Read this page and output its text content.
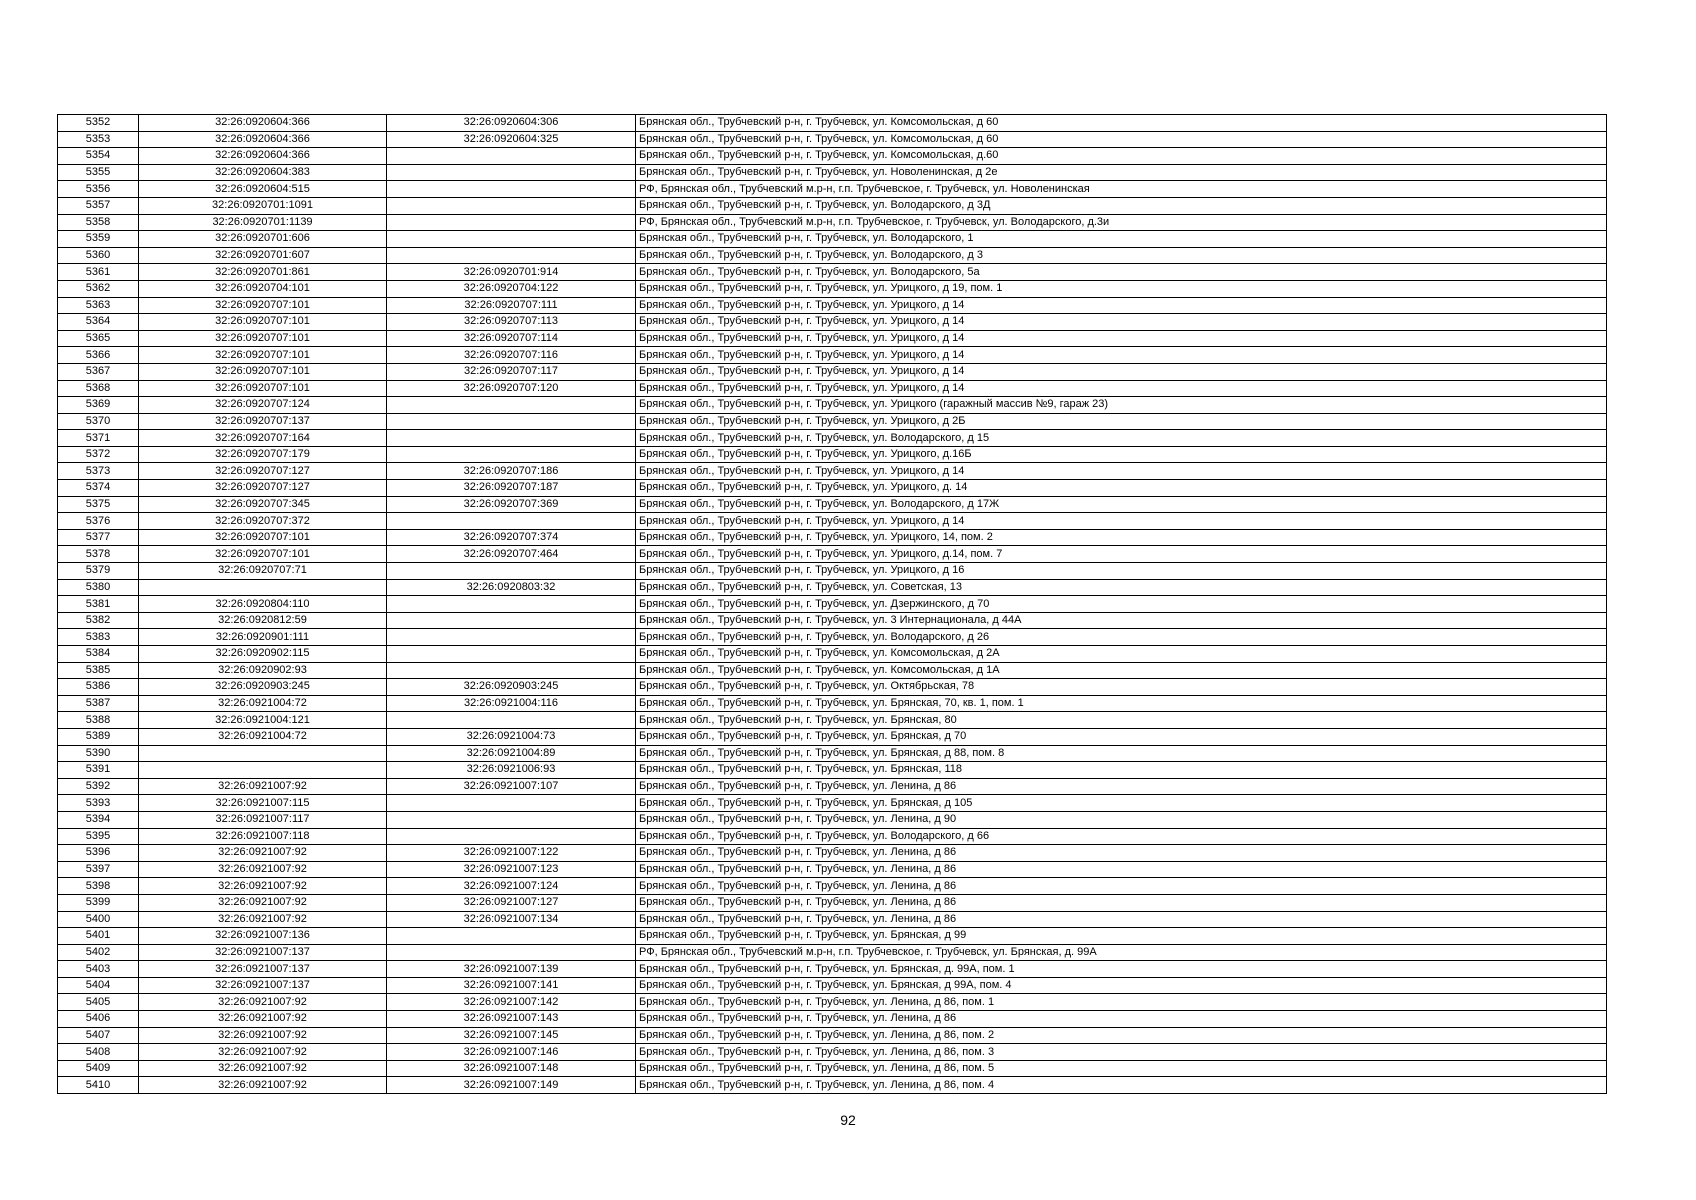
5352	32:26:0920604:366	32:26:0920604:306	Брянская обл., Трубчевский р-н, г. Трубчевск, ул. Комсомольская, д 60
5353	32:26:0920604:366	32:26:0920604:325	Брянская обл., Трубчевский р-н, г. Трубчевск, ул. Комсомольская, д 60
5354	32:26:0920604:366		Брянская обл., Трубчевский р-н, г. Трубчевск, ул. Комсомольская, д.60
5355	32:26:0920604:383		Брянская обл., Трубчевский р-н, г. Трубчевск, ул. Новоленинская, д 2е
5356	32:26:0920604:515		РФ, Брянская обл., Трубчевский м.р-н, г.п. Трубчевское, г. Трубчевск, ул. Новоленинская
5357	32:26:0920701:1091		Брянская обл., Трубчевский р-н, г. Трубчевск, ул. Володарского, д 3Д
5358	32:26:0920701:1139		РФ, Брянская обл., Трубчевский м.р-н, г.п. Трубчевское, г. Трубчевск, ул. Володарского, д.3и
5359	32:26:0920701:606		Брянская обл., Трубчевский р-н, г. Трубчевск, ул. Володарского, 1
5360	32:26:0920701:607		Брянская обл., Трубчевский р-н, г. Трубчевск, ул. Володарского, д 3
5361	32:26:0920701:861	32:26:0920701:914	Брянская обл., Трубчевский р-н, г. Трубчевск, ул. Володарского, 5а
5362	32:26:0920704:101	32:26:0920704:122	Брянская обл., Трубчевский р-н, г. Трубчевск, ул. Урицкого, д 19, пом. 1
5363	32:26:0920707:101	32:26:0920707:111	Брянская обл., Трубчевский р-н, г. Трубчевск, ул. Урицкого, д 14
5364	32:26:0920707:101	32:26:0920707:113	Брянская обл., Трубчевский р-н, г. Трубчевск, ул. Урицкого, д 14
5365	32:26:0920707:101	32:26:0920707:114	Брянская обл., Трубчевский р-н, г. Трубчевск, ул. Урицкого, д 14
5366	32:26:0920707:101	32:26:0920707:116	Брянская обл., Трубчевский р-н, г. Трубчевск, ул. Урицкого, д 14
5367	32:26:0920707:101	32:26:0920707:117	Брянская обл., Трубчевский р-н, г. Трубчевск, ул. Урицкого, д 14
5368	32:26:0920707:101	32:26:0920707:120	Брянская обл., Трубчевский р-н, г. Трубчевск, ул. Урицкого, д 14
5369	32:26:0920707:124		Брянская обл., Трубчевский р-н, г. Трубчевск, ул. Урицкого (гаражный массив №9, гараж 23)
5370	32:26:0920707:137		Брянская обл., Трубчевский р-н, г. Трубчевск, ул. Урицкого, д 2Б
5371	32:26:0920707:164		Брянская обл., Трубчевский р-н, г. Трубчевск, ул. Володарского, д 15
5372	32:26:0920707:179		Брянская обл., Трубчевский р-н, г. Трубчевск, ул. Урицкого, д.16Б
5373	32:26:0920707:127	32:26:0920707:186	Брянская обл., Трубчевский р-н, г. Трубчевск, ул. Урицкого, д 14
5374	32:26:0920707:127	32:26:0920707:187	Брянская обл., Трубчевский р-н, г. Трубчевск, ул. Урицкого, д. 14
5375	32:26:0920707:345	32:26:0920707:369	Брянская обл., Трубчевский р-н, г. Трубчевск, ул. Володарского, д 17Ж
5376	32:26:0920707:372		Брянская обл., Трубчевский р-н, г. Трубчевск, ул. Урицкого, д 14
5377	32:26:0920707:101	32:26:0920707:374	Брянская обл., Трубчевский р-н, г. Трубчевск, ул. Урицкого, 14, пом. 2
5378	32:26:0920707:101	32:26:0920707:464	Брянская обл., Трубчевский р-н, г. Трубчевск, ул. Урицкого, д.14, пом. 7
5379	32:26:0920707:71		Брянская обл., Трубчевский р-н, г. Трубчевск, ул. Урицкого, д 16
5380		32:26:0920803:32	Брянская обл., Трубчевский р-н, г. Трубчевск, ул. Советская, 13
5381	32:26:0920804:110		Брянская обл., Трубчевский р-н, г. Трубчевск, ул. Дзержинского, д 70
5382	32:26:0920812:59		Брянская обл., Трубчевский р-н, г. Трубчевск, ул. 3 Интернационала, д 44А
5383	32:26:0920901:111		Брянская обл., Трубчевский р-н, г. Трубчевск, ул. Володарского, д 26
5384	32:26:0920902:115		Брянская обл., Трубчевский р-н, г. Трубчевск, ул. Комсомольская, д 2А
5385	32:26:0920902:93		Брянская обл., Трубчевский р-н, г. Трубчевск, ул. Комсомольская, д 1А
5386	32:26:0920903:245	32:26:0920903:245	Брянская обл., Трубчевский р-н, г. Трубчевск, ул. Октябрьская, 78
5387	32:26:0921004:72	32:26:0921004:116	Брянская обл., Трубчевский р-н, г. Трубчевск, ул. Брянская, 70, кв. 1, пом. 1
5388	32:26:0921004:121		Брянская обл., Трубчевский р-н, г. Трубчевск, ул. Брянская, 80
5389	32:26:0921004:72	32:26:0921004:73	Брянская обл., Трубчевский р-н, г. Трубчевск, ул. Брянская, д 70
5390		32:26:0921004:89	Брянская обл., Трубчевский р-н, г. Трубчевск, ул. Брянская, д 88, пом. 8
5391		32:26:0921006:93	Брянская обл., Трубчевский р-н, г. Трубчевск, ул. Брянская, 118
5392	32:26:0921007:92	32:26:0921007:107	Брянская обл., Трубчевский р-н, г. Трубчевск, ул. Ленина, д 86
5393	32:26:0921007:115		Брянская обл., Трубчевский р-н, г. Трубчевск, ул. Брянская, д 105
5394	32:26:0921007:117		Брянская обл., Трубчевский р-н, г. Трубчевск, ул. Ленина, д 90
5395	32:26:0921007:118		Брянская обл., Трубчевский р-н, г. Трубчевск, ул. Володарского, д 66
5396	32:26:0921007:92	32:26:0921007:122	Брянская обл., Трубчевский р-н, г. Трубчевск, ул. Ленина, д 86
5397	32:26:0921007:92	32:26:0921007:123	Брянская обл., Трубчевский р-н, г. Трубчевск, ул. Ленина, д 86
5398	32:26:0921007:92	32:26:0921007:124	Брянская обл., Трубчевский р-н, г. Трубчевск, ул. Ленина, д 86
5399	32:26:0921007:92	32:26:0921007:127	Брянская обл., Трубчевский р-н, г. Трубчевск, ул. Ленина, д 86
5400	32:26:0921007:92	32:26:0921007:134	Брянская обл., Трубчевский р-н, г. Трубчевск, ул. Ленина, д 86
5401	32:26:0921007:136		Брянская обл., Трубчевский р-н, г. Трубчевск, ул. Брянская, д 99
5402	32:26:0921007:137		РФ, Брянская обл., Трубчевский м.р-н, г.п. Трубчевское, г. Трубчевск, ул. Брянская, д. 99А
5403	32:26:0921007:137	32:26:0921007:139	Брянская обл., Трубчевский р-н, г. Трубчевск, ул. Брянская, д. 99А, пом. 1
5404	32:26:0921007:137	32:26:0921007:141	Брянская обл., Трубчевский р-н, г. Трубчевск, ул. Брянская, д 99А, пом. 4
5405	32:26:0921007:92	32:26:0921007:142	Брянская обл., Трубчевский р-н, г. Трубчевск, ул. Ленина, д 86, пом. 1
5406	32:26:0921007:92	32:26:0921007:143	Брянская обл., Трубчевский р-н, г. Трубчевск, ул. Ленина, д 86
5407	32:26:0921007:92	32:26:0921007:145	Брянская обл., Трубчевский р-н, г. Трубчевск, ул. Ленина, д 86, пом. 2
5408	32:26:0921007:92	32:26:0921007:146	Брянская обл., Трубчевский р-н, г. Трубчевск, ул. Ленина, д 86, пом. 3
5409	32:26:0921007:92	32:26:0921007:148	Брянская обл., Трубчевский р-н, г. Трубчевск, ул. Ленина, д 86, пом. 5
5410	32:26:0921007:92	32:26:0921007:149	Брянская обл., Трубчевский р-н, г. Трубчевск, ул. Ленина, д 86, пом. 4
92
